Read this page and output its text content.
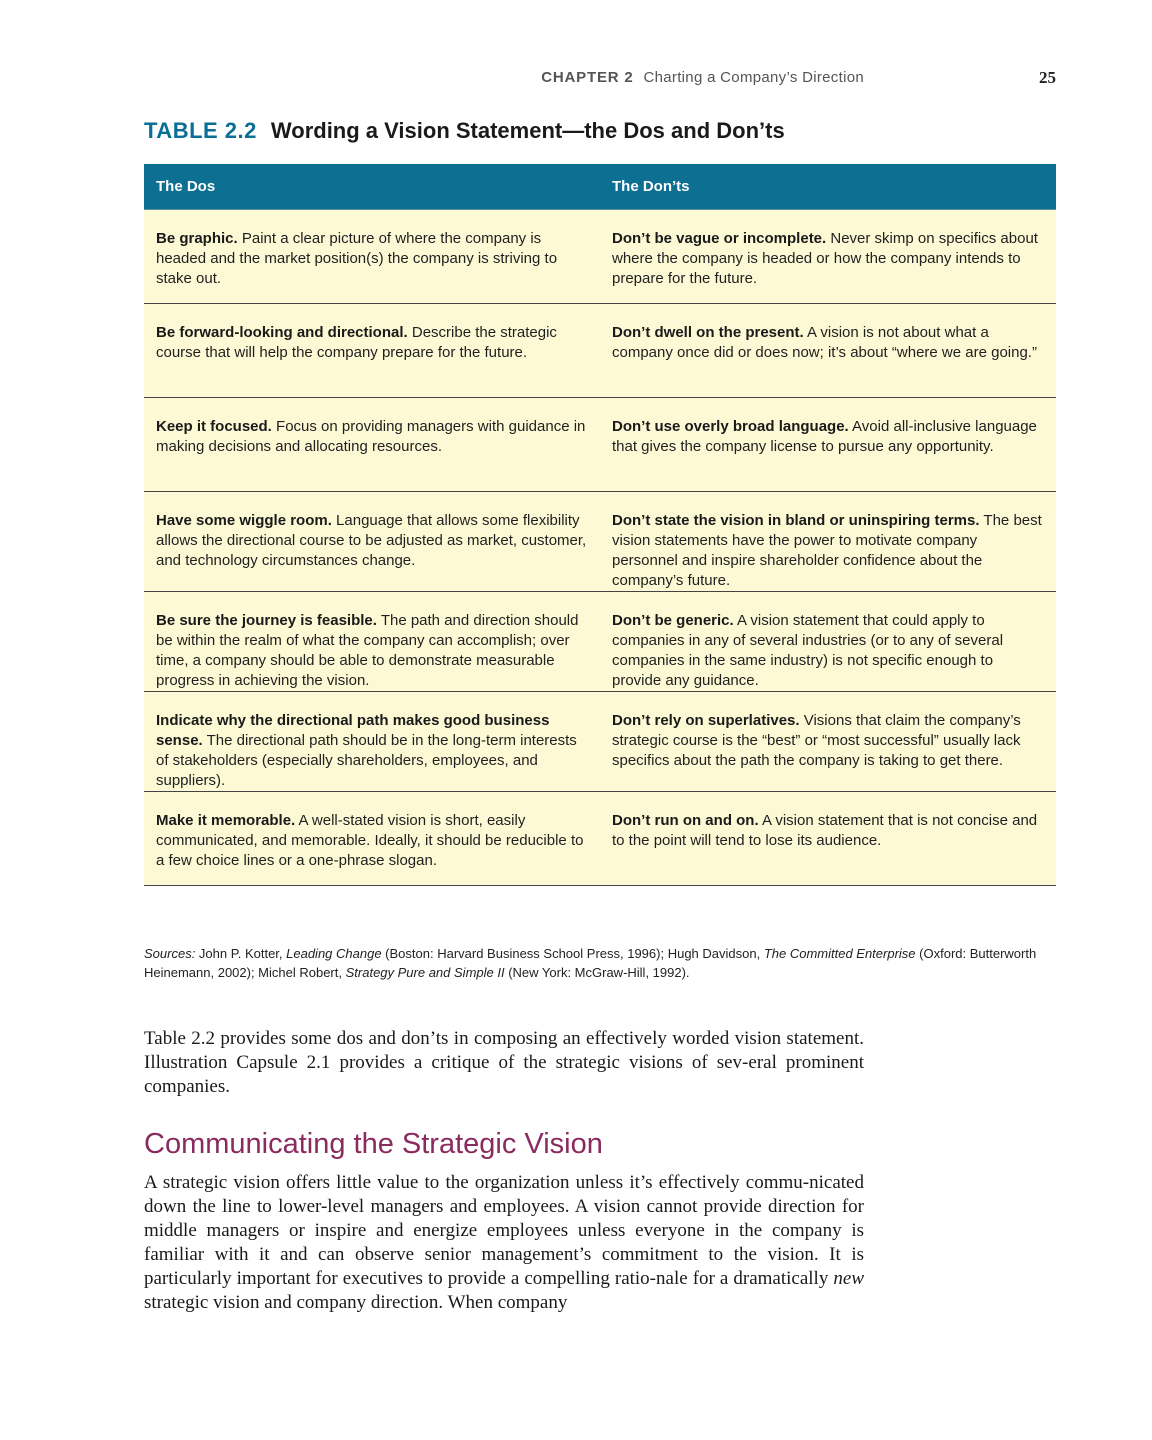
CHAPTER 2 Charting a Company’s Direction	25
TABLE 2.2 Wording a Vision Statement—the Dos and Don’ts
The Dos	The Don’ts
Be graphic. Paint a clear picture of where the company is headed and the market position(s) the company is striving to stake out.	Don’t be vague or incomplete. Never skimp on specifics about where the company is headed or how the company intends to prepare for the future.
Be forward-looking and directional. Describe the strategic course that will help the company prepare for the future.	Don’t dwell on the present. A vision is not about what a company once did or does now; it’s about “where we are going.”
Keep it focused. Focus on providing managers with guidance in making decisions and allocating resources.	Don’t use overly broad language. Avoid all-inclusive language that gives the company license to pursue any opportunity.
Have some wiggle room. Language that allows some flexibility allows the directional course to be adjusted as market, customer, and technology circumstances change.	Don’t state the vision in bland or uninspiring terms. The best vision statements have the power to motivate company personnel and inspire shareholder confidence about the company’s future.
Be sure the journey is feasible. The path and direction should be within the realm of what the company can accomplish; over time, a company should be able to demonstrate measurable progress in achieving the vision.	Don’t be generic. A vision statement that could apply to companies in any of several industries (or to any of several companies in the same industry) is not specific enough to provide any guidance.
Indicate why the directional path makes good business sense. The directional path should be in the long-term interests of stakeholders (especially shareholders, employees, and suppliers).	Don’t rely on superlatives. Visions that claim the company’s strategic course is the “best” or “most successful” usually lack specifics about the path the company is taking to get there.
Make it memorable. A well-stated vision is short, easily communicated, and memorable. Ideally, it should be reducible to a few choice lines or a one-phrase slogan.	Don’t run on and on. A vision statement that is not concise and to the point will tend to lose its audience.
Sources: John P. Kotter, Leading Change (Boston: Harvard Business School Press, 1996); Hugh Davidson, The Committed Enterprise (Oxford: Butterworth Heinemann, 2002); Michel Robert, Strategy Pure and Simple II (New York: McGraw-Hill, 1992).

Table 2.2 provides some dos and don’ts in composing an effectively worded vision statement. Illustration Capsule 2.1 provides a critique of the strategic visions of sev-eral prominent companies.

Communicating the Strategic Vision

A strategic vision offers little value to the organization unless it’s effectively commu-nicated down the line to lower-level managers and employees. A vision cannot provide direction for middle managers or inspire and energize employees unless everyone in the company is familiar with it and can observe senior management’s commitment to the vision. It is particularly important for executives to provide a compelling ratio-nale for a dramatically new strategic vision and company direction. When company
